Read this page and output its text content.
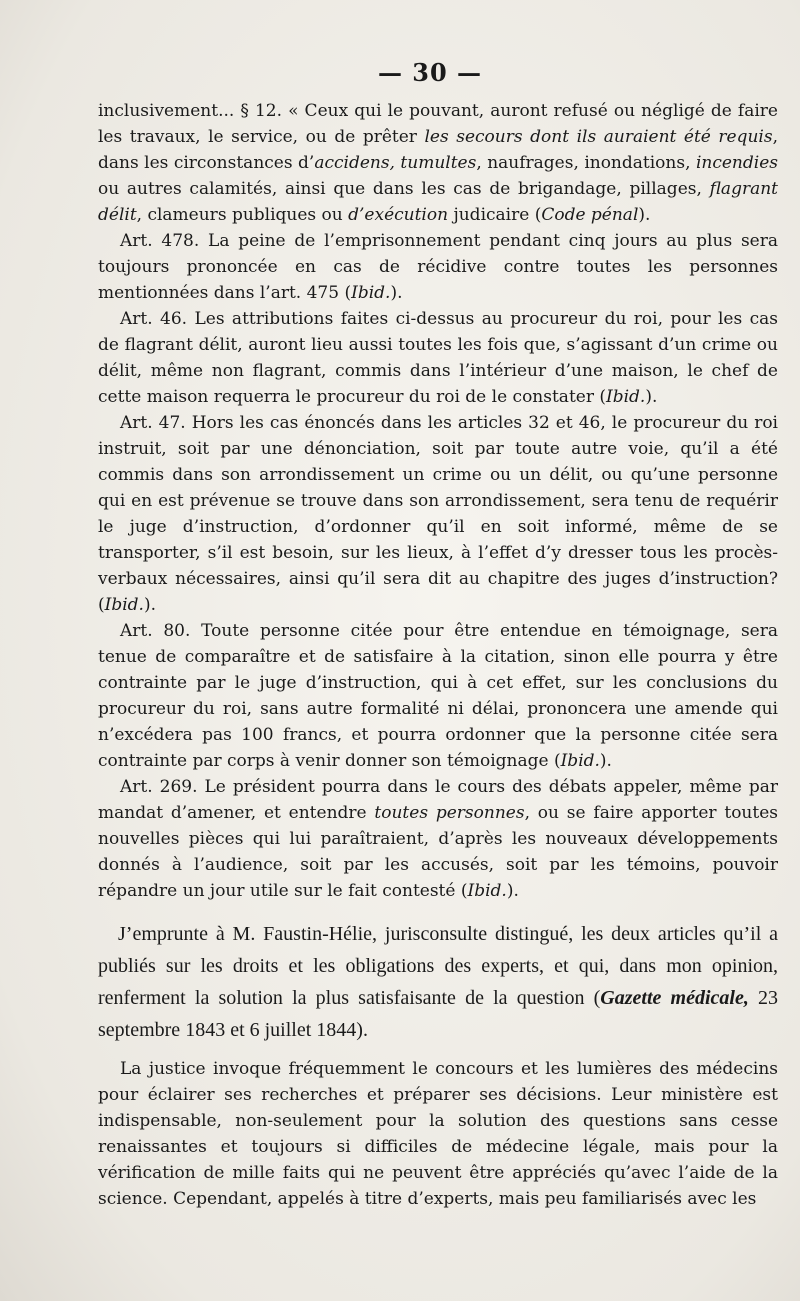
— 30 —

inclusivement... § 12. « Ceux qui le pouvant, auront refusé ou négligé de faire les travaux, le service, ou de prêter les secours dont ils auraient été requis, dans les circonstances d’accidens, tumultes, naufrages, inondations, incendies ou autres calamités, ainsi que dans les cas de brigandage, pillages, flagrant délit, clameurs publiques ou d’exécution judicaire (Code pénal).

Art. 478. La peine de l’emprisonnement pendant cinq jours au plus sera toujours prononcée en cas de récidive contre toutes les personnes mentionnées dans l’art. 475 (Ibid.).

Art. 46. Les attributions faites ci-dessus au procureur du roi, pour les cas de flagrant délit, auront lieu aussi toutes les fois que, s’agissant d’un crime ou délit, même non flagrant, commis dans l’intérieur d’une maison, le chef de cette maison requerra le procureur du roi de le constater (Ibid.).

Art. 47. Hors les cas énoncés dans les articles 32 et 46, le procureur du roi instruit, soit par une dénonciation, soit par toute autre voie, qu’il a été commis dans son arrondissement un crime ou un délit, ou qu’une personne qui en est prévenue se trouve dans son arrondissement, sera tenu de requérir le juge d’instruction, d’ordonner qu’il en soit informé, même de se transporter, s’il est besoin, sur les lieux, à l’effet d’y dresser tous les procès-verbaux nécessaires, ainsi qu’il sera dit au chapitre des juges d’instruction? (Ibid.).

Art. 80. Toute personne citée pour être entendue en témoignage, sera tenue de comparaître et de satisfaire à la citation, sinon elle pourra y être contrainte par le juge d’instruction, qui à cet effet, sur les conclusions du procureur du roi, sans autre formalité ni délai, prononcera une amende qui n’excédera pas 100 francs, et pourra ordonner que la personne citée sera contrainte par corps à venir donner son témoignage (Ibid.).

Art. 269. Le président pourra dans le cours des débats appeler, même par mandat d’amener, et entendre toutes personnes, ou se faire apporter toutes nouvelles pièces qui lui paraîtraient, d’après les nouveaux développements donnés à l’audience, soit par les accusés, soit par les témoins, pouvoir répandre un jour utile sur le fait contesté (Ibid.).

J’emprunte à M. Faustin-Hélie, jurisconsulte distingué, les deux articles qu’il a publiés sur les droits et les obligations des experts, et qui, dans mon opinion, renferment la solution la plus satisfaisante de la question (Gazette médicale, 23 septembre 1843 et 6 juillet 1844).

La justice invoque fréquemment le concours et les lumières des médecins pour éclairer ses recherches et préparer ses décisions. Leur ministère est indispensable, non-seulement pour la solution des questions sans cesse renaissantes et toujours si difficiles de médecine légale, mais pour la vérification de mille faits qui ne peuvent être appréciés qu’avec l’aide de la science. Cependant, appelés à titre d’experts, mais peu familiarisés avec les
